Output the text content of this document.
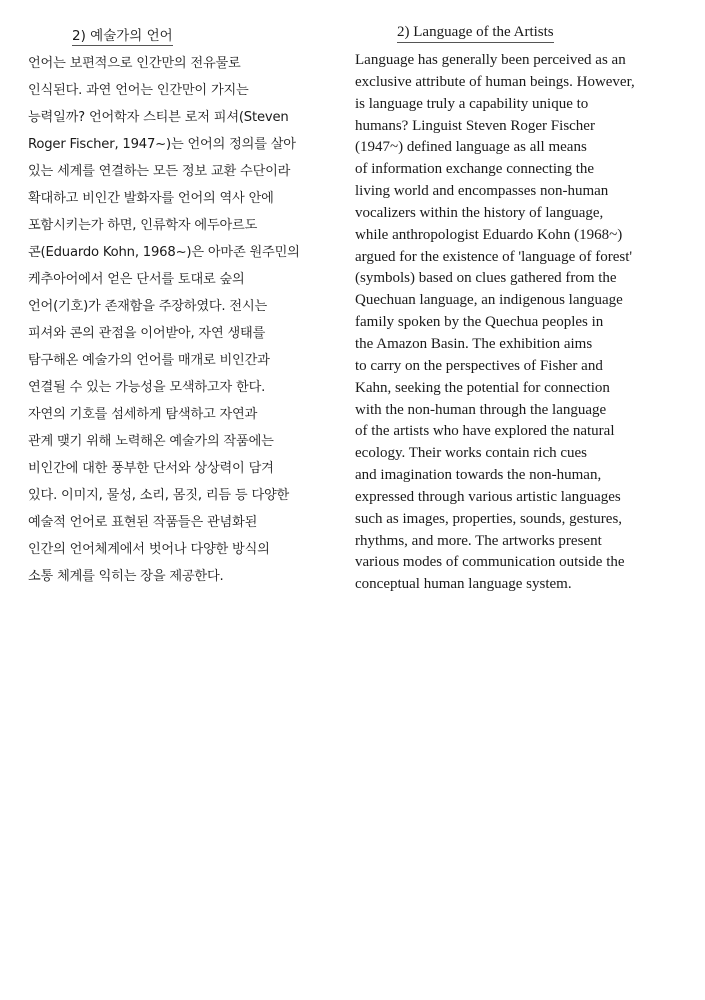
2) 예술가의 언어
언어는 보편적으로 인간만의 전유물로
인식된다. 과연 언어는 인간만이 가지는
능력일까? 언어학자 스티븐 로저 피셔(Steven
Roger Fischer, 1947~)는 언어의 정의를 살아
있는 세계를 연결하는 모든 정보 교환 수단이라
확대하고 비인간 발화자를 언어의 역사 안에
포함시키는가 하면, 인류학자 에두아르도
콘(Eduardo Kohn, 1968~)은 아마존 원주민의
케추아어에서 얻은 단서를 토대로 숲의
언어(기호)가 존재함을 주장하였다. 전시는
피셔와 콘의 관점을 이어받아, 자연 생태를
탐구해온 예술가의 언어를 매개로 비인간과
연결될 수 있는 가능성을 모색하고자 한다.
자연의 기호를 섬세하게 탐색하고 자연과
관계 맺기 위해 노력해온 예술가의 작품에는
비인간에 대한 풍부한 단서와 상상력이 담겨
있다. 이미지, 물성, 소리, 몸짓, 리듬 등 다양한
예술적 언어로 표현된 작품들은 관념화된
인간의 언어체계에서 벗어나 다양한 방식의
소통 체계를 익히는 장을 제공한다.
2) Language of the Artists
Language has generally been perceived as an
exclusive attribute of human beings. However,
is language truly a capability unique to
humans? Linguist Steven Roger Fischer
(1947~) defined language as all means
of information exchange connecting the
living world and encompasses non-human
vocalizers within the history of language,
while anthropologist Eduardo Kohn (1968~)
argued for the existence of 'language of forest'
(symbols) based on clues gathered from the
Quechuan language, an indigenous language
family spoken by the Quechua peoples in
the Amazon Basin. The exhibition aims
to carry on the perspectives of Fisher and
Kahn, seeking the potential for connection
with the non-human through the language
of the artists who have explored the natural
ecology. Their works contain rich cues
and imagination towards the non-human,
expressed through various artistic languages
such as images, properties, sounds, gestures,
rhythms, and more. The artworks present
various modes of communication outside the
conceptual human language system.
